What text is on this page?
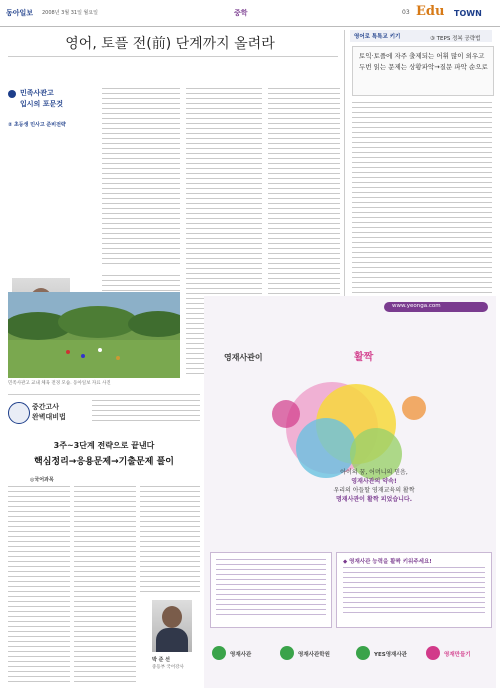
동아일보 2008년 3월 31일 월요일	중학	03 Edu TOWN
영어, 토플 전(前) 단계까지 올려라
민족사관고
입시의 포문것
② 초등생 민사고 준비전략
민족사관고 교내 체육 전경 모습. 동아일보 자료 사진
영어로 톡톡교 키기	③ TEPS 정복 공략법
토익·토플에 자주 출제되는 어휘 많이 외우고 두번 읽는 문제는 상황파악→질문 파악 순으로
www.yeonga.com
영재사관이	활짝
아이의 꿈, 어머니의 믿음,
영재사관의 약속!
우리의 아들딸 영재교육의 활짝
명재사관이 활짝 피었습니다.
◆ 영재사관 능력을 활짝 키워주세요!
영재사관	영재사관학원	YES영재사관	영재만들기
중간고사
완벽대비법
3주~3단계 전략으로 끝낸다
핵심정리→응용문제→기출문제 풀이
◎국어과목
박 준 선
중등부 국어강사
